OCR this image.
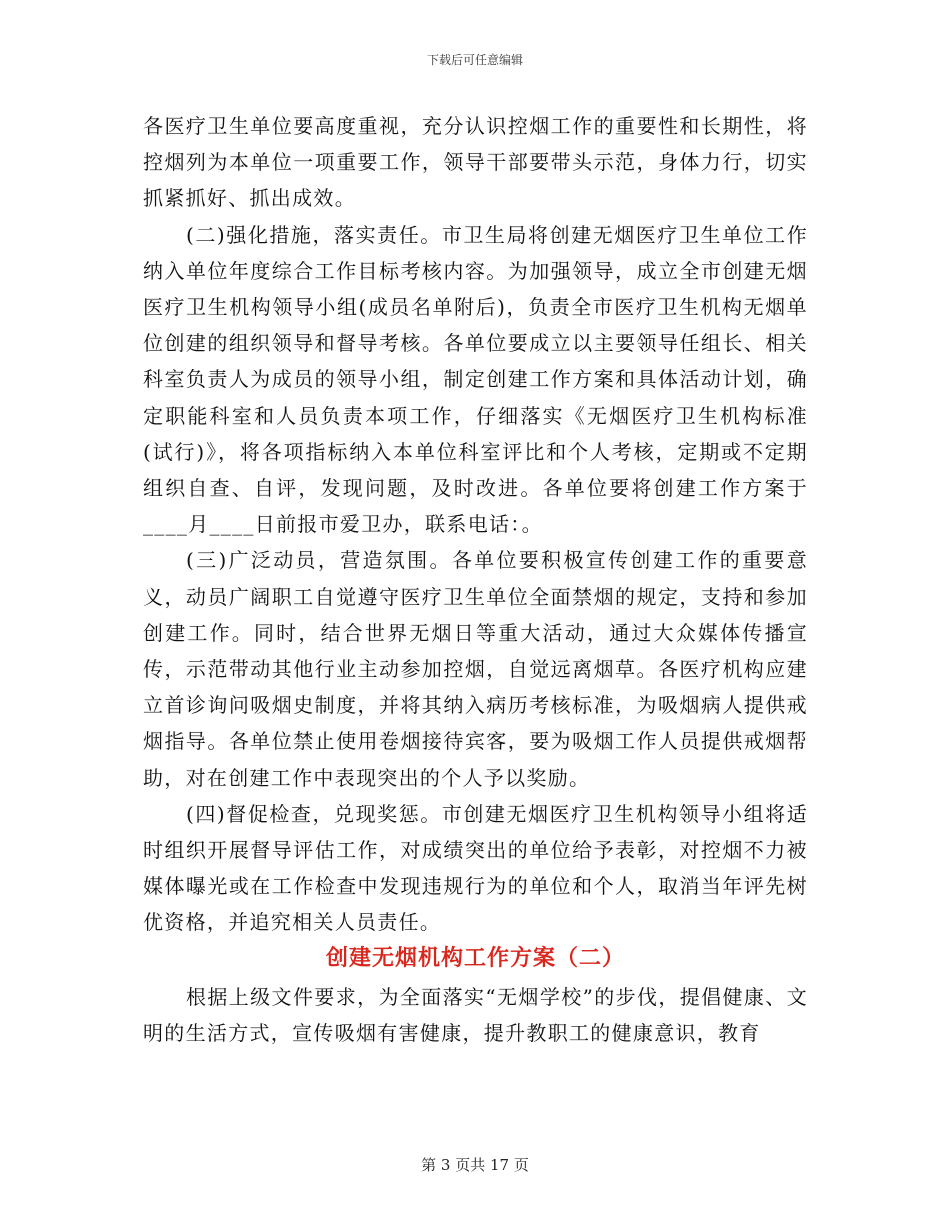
下载后可任意编辑

各医疗卫生单位要高度重视，充分认识控烟工作的重要性和长期性，将控烟列为本单位一项重要工作，领导干部要带头示范，身体力行，切实抓紧抓好、抓出成效。

(二)强化措施，落实责任。市卫生局将创建无烟医疗卫生单位工作纳入单位年度综合工作目标考核内容。为加强领导，成立全市创建无烟医疗卫生机构领导小组(成员名单附后)，负责全市医疗卫生机构无烟单位创建的组织领导和督导考核。各单位要成立以主要领导任组长、相关科室负责人为成员的领导小组，制定创建工作方案和具体活动计划，确定职能科室和人员负责本项工作，仔细落实《无烟医疗卫生机构标准(试行)》，将各项指标纳入本单位科室评比和个人考核，定期或不定期组织自查、自评，发现问题，及时改进。各单位要将创建工作方案于____月____日前报市爱卫办，联系电话：。

(三)广泛动员，营造氛围。各单位要积极宣传创建工作的重要意义，动员广阔职工自觉遵守医疗卫生单位全面禁烟的规定，支持和参加创建工作。同时，结合世界无烟日等重大活动，通过大众媒体传播宣传，示范带动其他行业主动参加控烟，自觉远离烟草。各医疗机构应建立首诊询问吸烟史制度，并将其纳入病历考核标准，为吸烟病人提供戒烟指导。各单位禁止使用卷烟接待宾客，要为吸烟工作人员提供戒烟帮助，对在创建工作中表现突出的个人予以奖励。

(四)督促检查，兑现奖惩。市创建无烟医疗卫生机构领导小组将适时组织开展督导评估工作，对成绩突出的单位给予表彰，对控烟不力被媒体曝光或在工作检查中发现违规行为的单位和个人，取消当年评先树优资格，并追究相关人员责任。

创建无烟机构工作方案（二）

根据上级文件要求，为全面落实“无烟学校”的步伐，提倡健康、文明的生活方式，宣传吸烟有害健康，提升教职工的健康意识，教育

第 3 页共 17 页
